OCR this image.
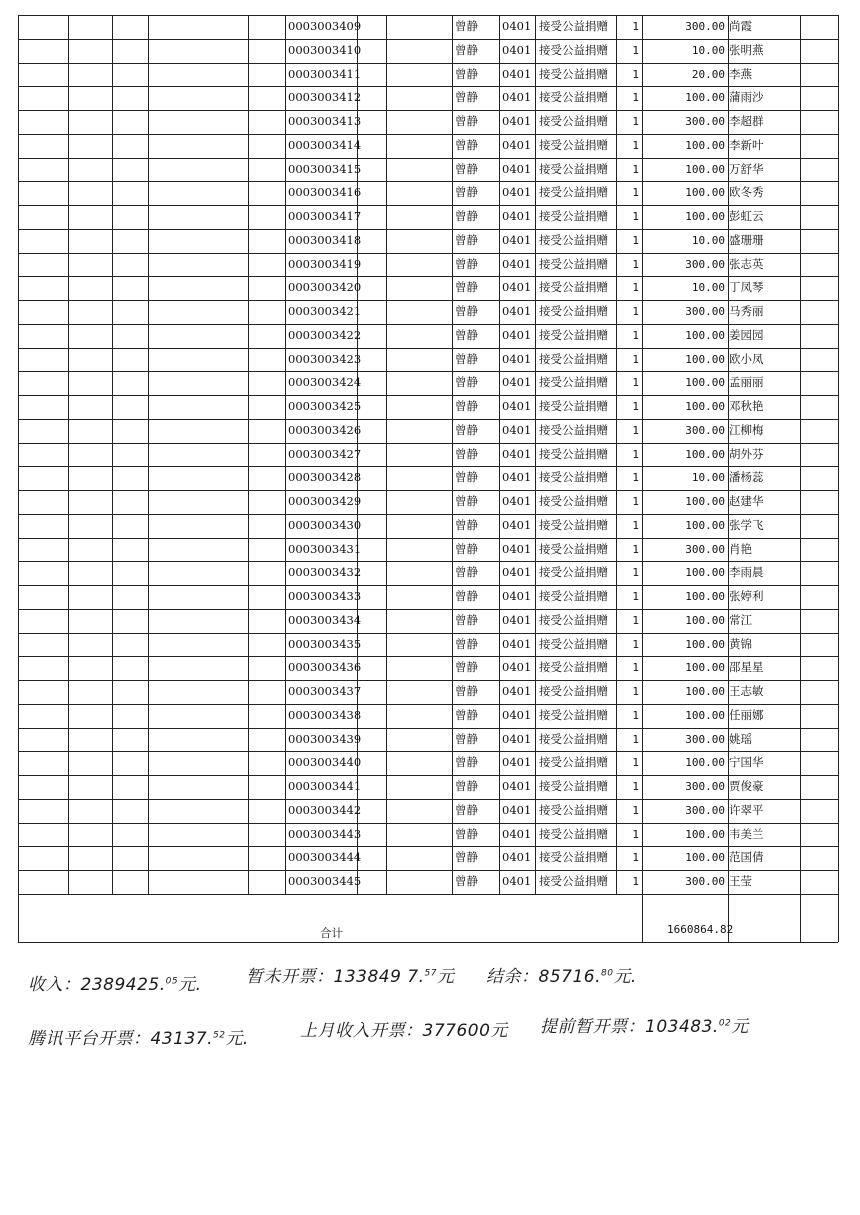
0003003409	曾静 0401 接受公益捐赠 1	300.00 尚霞
0003003410	曾静 0401 接受公益捐赠 1	10.00 张明燕
0003003411	曾静 0401 接受公益捐赠 1	20.00 李燕
0003003412	曾静 0401 接受公益捐赠 1	100.00 蒲雨沙
0003003413	曾静 0401 接受公益捐赠 1	300.00 李超群
0003003414	曾静 0401 接受公益捐赠 1	100.00 李新叶
0003003415	曾静 0401 接受公益捐赠 1	100.00 万舒华
0003003416	曾静 0401 接受公益捐赠 1	100.00 欧冬秀
0003003417	曾静 0401 接受公益捐赠 1	100.00 彭虹云
0003003418	曾静 0401 接受公益捐赠 1	10.00 盛珊珊
0003003419	曾静 0401 接受公益捐赠 1	300.00 张志英
0003003420	曾静 0401 接受公益捐赠 1	10.00 丁凤琴
0003003421	曾静 0401 接受公益捐赠 1	300.00 马秀丽
0003003422	曾静 0401 接受公益捐赠 1	100.00 姜园园
0003003423	曾静 0401 接受公益捐赠 1	100.00 欧小凤
0003003424	曾静 0401 接受公益捐赠 1	100.00 孟丽丽
0003003425	曾静 0401 接受公益捐赠 1	100.00 邓秋艳
0003003426	曾静 0401 接受公益捐赠 1	300.00 江柳梅
0003003427	曾静 0401 接受公益捐赠 1	100.00 胡外芬
0003003428	曾静 0401 接受公益捐赠 1	10.00 潘杨蕊
0003003429	曾静 0401 接受公益捐赠 1	100.00 赵建华
0003003430	曾静 0401 接受公益捐赠 1	100.00 张学飞
0003003431	曾静 0401 接受公益捐赠 1	300.00 肖艳
0003003432	曾静 0401 接受公益捐赠 1	100.00 李雨晨
0003003433	曾静 0401 接受公益捐赠 1	100.00 张婷利
0003003434	曾静 0401 接受公益捐赠 1	100.00 常江
0003003435	曾静 0401 接受公益捐赠 1	100.00 黄锦
0003003436	曾静 0401 接受公益捐赠 1	100.00 邵星星
0003003437	曾静 0401 接受公益捐赠 1	100.00 王志敏
0003003438	曾静 0401 接受公益捐赠 1	100.00 任丽娜
0003003439	曾静 0401 接受公益捐赠 1	300.00 姚瑶
0003003440	曾静 0401 接受公益捐赠 1	100.00 宁国华
0003003441	曾静 0401 接受公益捐赠 1	300.00 贾俊豪
0003003442	曾静 0401 接受公益捐赠 1	300.00 许翠平
0003003443	曾静 0401 接受公益捐赠 1	100.00 韦美兰
0003003444	曾静 0401 接受公益捐赠 1	100.00 范国倩
0003003445	曾静 0401 接受公益捐赠 1	300.00 王莹
合计	1660864.82
收入：2389425.05元.	暂未开票：133849 7.57元 结余：85716.80元.
腾讯平台开票：43137.52元.	上月收入开票：377600元 提前暂开票：103483.02元
